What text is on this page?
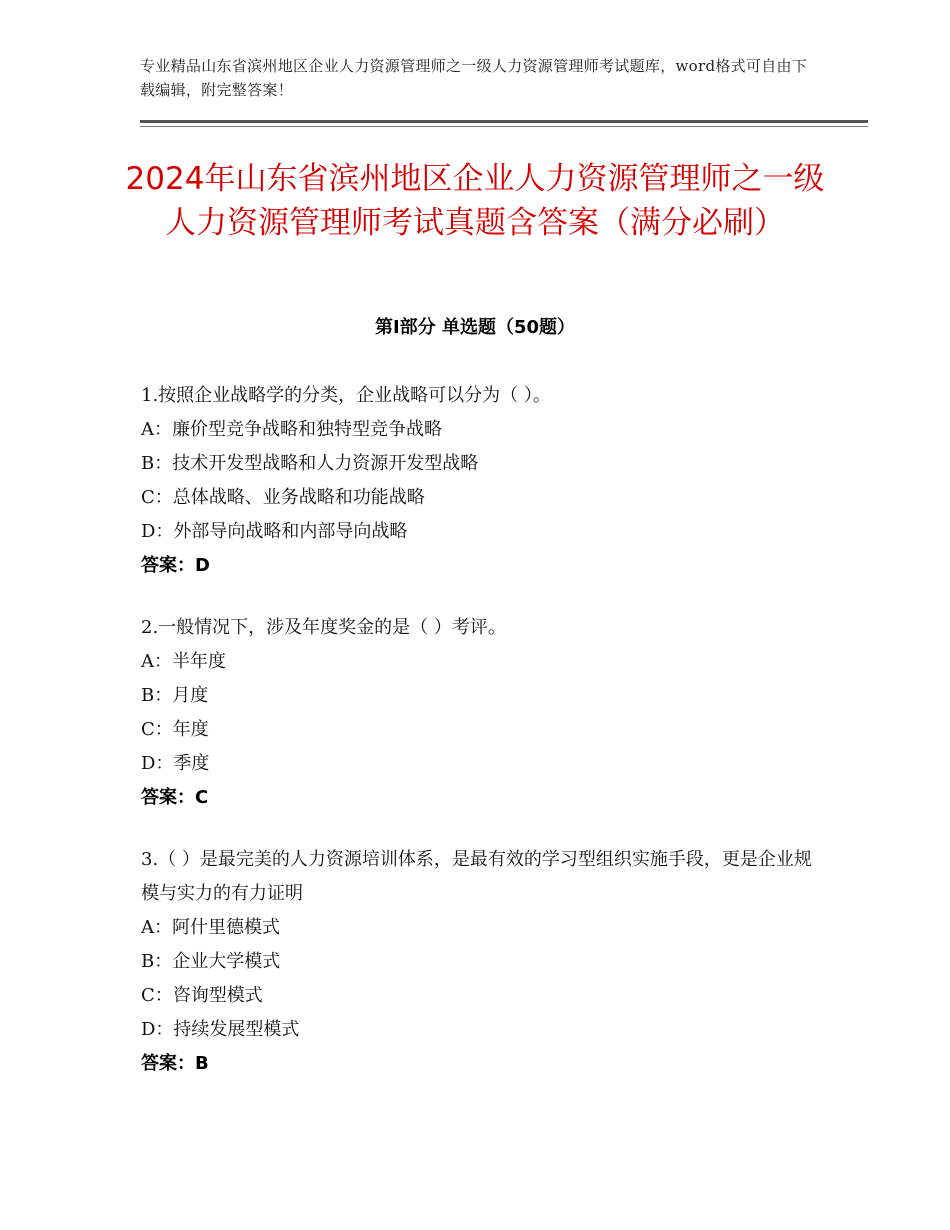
专业精品山东省滨州地区企业人力资源管理师之一级人力资源管理师考试题库，word格式可自由下载编辑，附完整答案！
2024年山东省滨州地区企业人力资源管理师之一级人力资源管理师考试真题含答案（满分必刷）
第Ⅰ部分 单选题（50题）

1.按照企业战略学的分类，企业战略可以分为（ ）。

A：廉价型竞争战略和独特型竞争战略

B：技术开发型战略和人力资源开发型战略

C：总体战略、业务战略和功能战略

D：外部导向战略和内部导向战略

答案：D

2.一般情况下，涉及年度奖金的是（ ）考评。

A：半年度

B：月度

C：年度

D：季度

答案：C

3.（ ）是最完美的人力资源培训体系，是最有效的学习型组织实施手段，更是企业规模与实力的有力证明

A：阿什里德模式

B：企业大学模式

C：咨询型模式

D：持续发展型模式

答案：B
